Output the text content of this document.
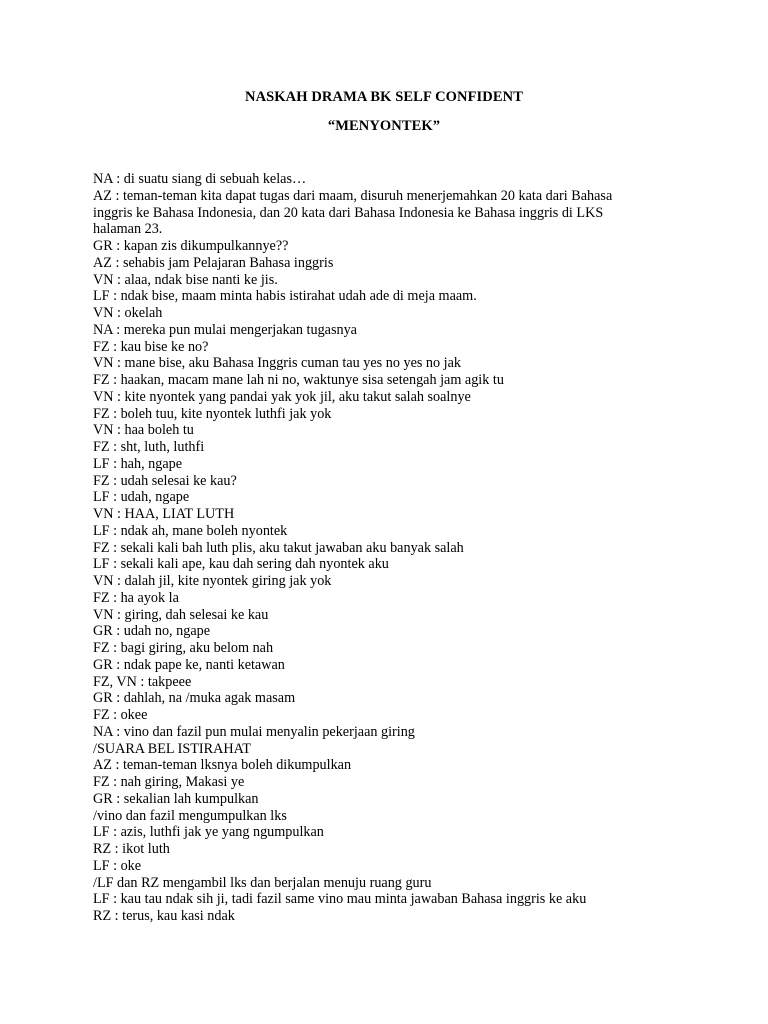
NASKAH DRAMA BK SELF CONFIDENT
“MENYONTEK”
NA : di suatu siang di sebuah kelas…
AZ : teman-teman kita dapat tugas dari maam, disuruh menerjemahkan 20 kata dari Bahasa
inggris ke Bahasa Indonesia, dan 20 kata dari Bahasa Indonesia ke Bahasa inggris di LKS
halaman 23.
GR : kapan zis dikumpulkannye??
AZ : sehabis jam Pelajaran Bahasa inggris
VN : alaa, ndak bise nanti ke jis.
LF : ndak bise, maam minta habis istirahat udah ade di meja maam.
VN : okelah
NA : mereka pun mulai mengerjakan tugasnya
FZ : kau bise ke no?
VN : mane bise, aku Bahasa Inggris cuman tau yes no yes no jak
FZ : haakan, macam mane lah ni no, waktunye sisa setengah jam agik tu
VN : kite nyontek yang pandai yak yok jil, aku takut salah soalnye
FZ : boleh tuu, kite nyontek luthfi jak yok
VN : haa boleh tu
FZ : sht, luth, luthfi
LF : hah, ngape
FZ : udah selesai ke kau?
LF : udah, ngape
VN : HAA, LIAT LUTH
LF : ndak ah, mane boleh nyontek
FZ : sekali kali bah luth plis, aku takut jawaban aku banyak salah
LF : sekali kali ape, kau dah sering dah nyontek aku
VN : dalah jil, kite nyontek giring jak yok
FZ : ha ayok la
VN : giring, dah selesai ke kau
GR : udah no, ngape
FZ : bagi giring, aku belom nah
GR : ndak pape ke, nanti ketawan
FZ, VN : takpeee
GR : dahlah, na /muka agak masam
FZ : okee
NA : vino dan fazil pun mulai menyalin pekerjaan giring
/SUARA BEL ISTIRAHAT
AZ : teman-teman lksnya boleh dikumpulkan
FZ : nah giring, Makasi ye
GR : sekalian lah kumpulkan
/vino dan fazil mengumpulkan lks
LF : azis, luthfi jak ye yang ngumpulkan
RZ : ikot luth
LF : oke
/LF dan RZ mengambil lks dan berjalan menuju ruang guru
LF : kau tau ndak sih ji, tadi fazil same vino mau minta jawaban Bahasa inggris ke aku
RZ : terus, kau kasi ndak
